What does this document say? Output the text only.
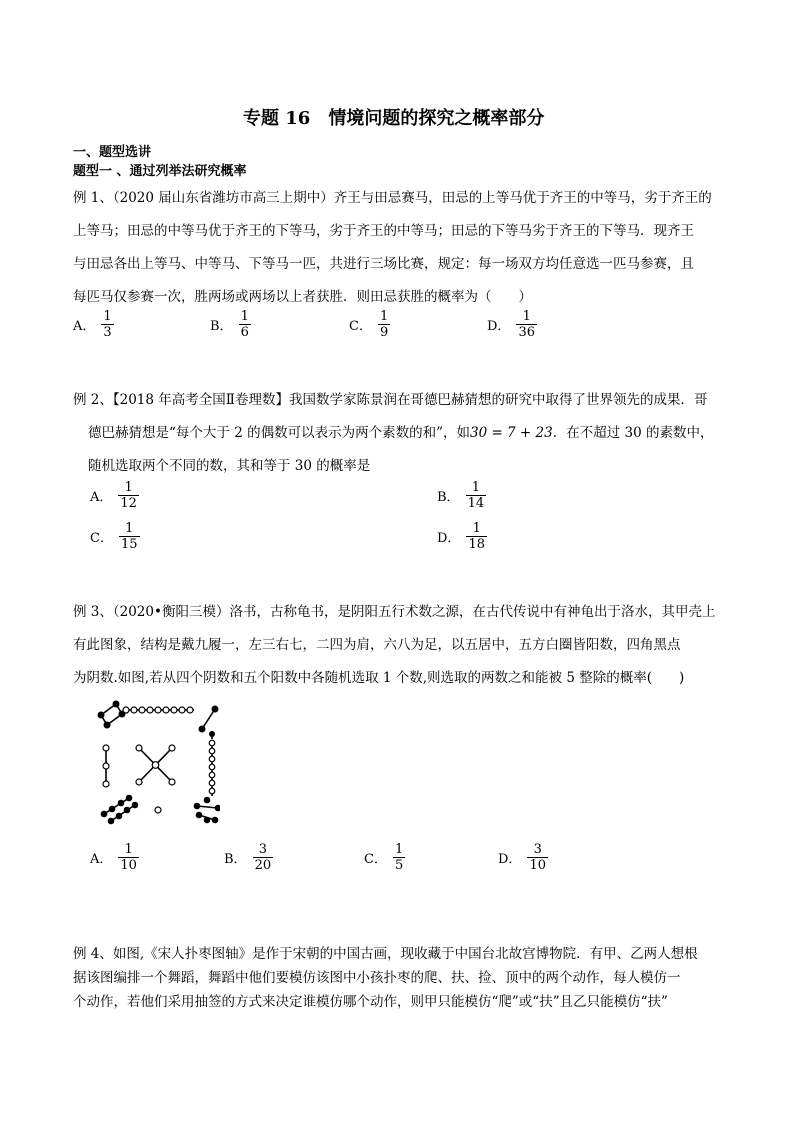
专题 16　情境问题的探究之概率部分
一、题型选讲
题型一 、通过列举法研究概率
例 1、（2020 届山东省潍坊市高三上期中）齐王与田忌赛马，田忌的上等马优于齐王的中等马，劣于齐王的
上等马；田忌的中等马优于齐王的下等马，劣于齐王的中等马；田忌的下等马劣于齐王的下等马．现齐王
与田忌各出上等马、中等马、下等马一匹，共进行三场比赛，规定：每一场双方均任意选一匹马参赛，且
每匹马仅参赛一次，胜两场或两场以上者获胜．则田忌获胜的概率为（　　）
A． $\frac{1}{3}$	B． $\frac{1}{6}$	C． $\frac{1}{9}$	D． $\frac{1}{36}$
例 2、【2018 年高考全国Ⅱ卷理数】我国数学家陈景润在哥德巴赫猜想的研究中取得了世界领先的成果．哥
德巴赫猜想是“每个大于 2 的偶数可以表示为两个素数的和”，如30 = 7 + 23．在不超过 30 的素数中，
随机选取两个不同的数，其和等于 30 的概率是
A． $\frac{1}{12}$	B． $\frac{1}{14}$
C． $\frac{1}{15}$	D． $\frac{1}{18}$
例 3、（2020•衡阳三模）洛书，古称龟书，是阴阳五行术数之源，在古代传说中有神龟出于洛水，其甲壳上
有此图象，结构是戴九履一，左三右七，二四为肩，六八为足，以五居中，五方白圈皆阳数，四角黑点
为阴数.如图,若从四个阴数和五个阳数中各随机选取 1 个数,则选取的两数之和能被 5 整除的概率(　　)
A． $\frac{1}{10}$	B． $\frac{3}{20}$	C． $\frac{1}{5}$	D． $\frac{3}{10}$
例 4、如图,《宋人扑枣图轴》是作于宋朝的中国古画，现收藏于中国台北故宫博物院．有甲、乙两人想根
据该图编排一个舞蹈，舞蹈中他们要模仿该图中小孩扑枣的爬、扶、捡、顶中的两个动作，每人模仿一
个动作，若他们采用抽签的方式来决定谁模仿哪个动作，则甲只能模仿“爬”或“扶”且乙只能模仿“扶”
